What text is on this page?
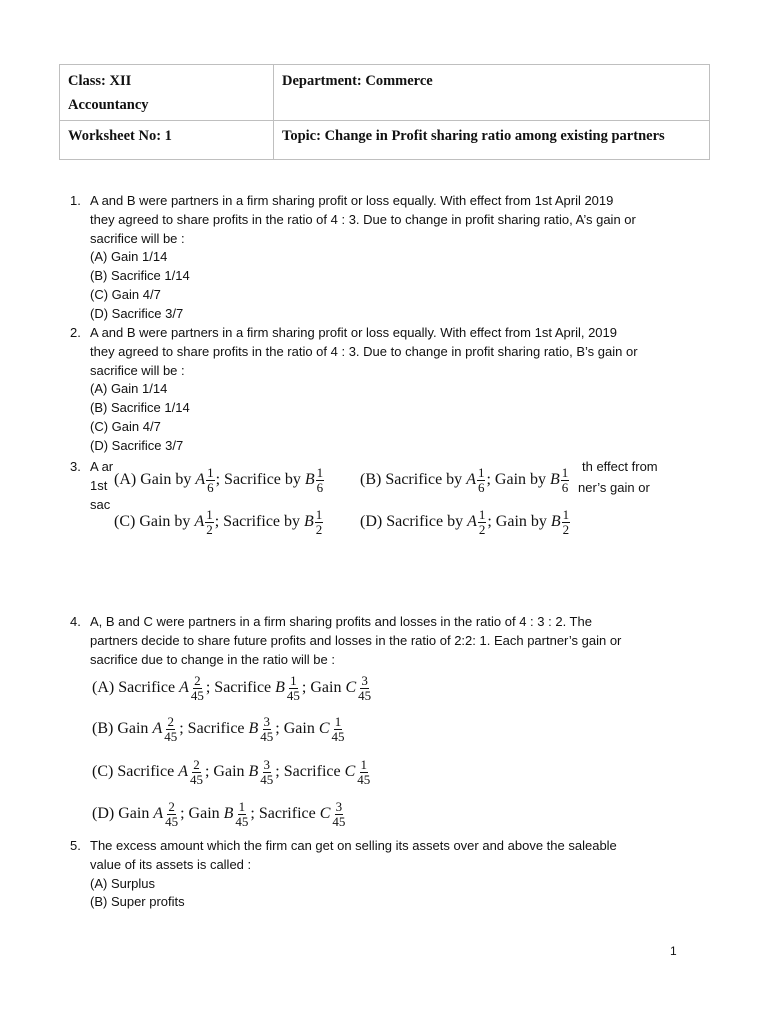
Class: XII
Accountancy
Department: Commerce
Worksheet No: 1	Topic: Change in Profit sharing ratio among existing partners
1. A and B were partners in a firm sharing profit or loss equally. With effect from 1st April 2019
they agreed to share profits in the ratio of 4 : 3. Due to change in profit sharing ratio, A’s gain or
sacrifice will be :
(A) Gain 1/14
(B) Sacrifice 1/14
(C) Gain 4/7
(D) Sacrifice 3/7
2. A and B were partners in a firm sharing profit or loss equally. With effect from 1st April, 2019
they agreed to share profits in the ratio of 4 : 3. Due to change in profit sharing ratio, B’s gain or
sacrifice will be :
(A) Gain 1/14
(B) Sacrifice 1/14
(C) Gain 4/7
(D) Sacrifice 3/7
3. A ar
1st
sac
th effect from
ner’s gain or
(A) Gain by A $\frac{1}{6}$ ; Sacrifice by B $\frac{1}{6} (B)$ Sacrifice by A $\frac{1}{6}$ ; Gain by B $\frac{1}{6}$
(C) Gain by A $\frac{1}{2}$ ; Sacrifice by B $\frac{1}{2} (D)$ Sacrifice by A $\frac{1}{2}$ ; Gain by B $\frac{1}{2}$
4. A, B and C were partners in a firm sharing profits and losses in the ratio of 4 : 3 : 2. The
partners decide to share future profits and losses in the ratio of 2:2: 1. Each partner’s gain or
sacrifice due to change in the ratio will be :
(A) Sacrifice A $\frac{2}{45}$ ; Sacrifice B $\frac{1}{45}$ ; Gain C $\frac{3}{45}$
(B) Gain A $\frac{2}{45}$ ; Sacrifice B $\frac{3}{45}$ ; Gain C $\frac{1}{45}$
(C) Sacrifice A $\frac{2}{45}$ ; Gain B $\frac{3}{45}$ ; Sacrifice C $\frac{1}{45}$
(D) Gain A $\frac{2}{45}$ ; Gain B $\frac{1}{45}$ ; Sacrifice C $\frac{3}{45}$
5. The excess amount which the firm can get on selling its assets over and above the saleable
value of its assets is called :
(A) Surplus
(B) Super profits
1
